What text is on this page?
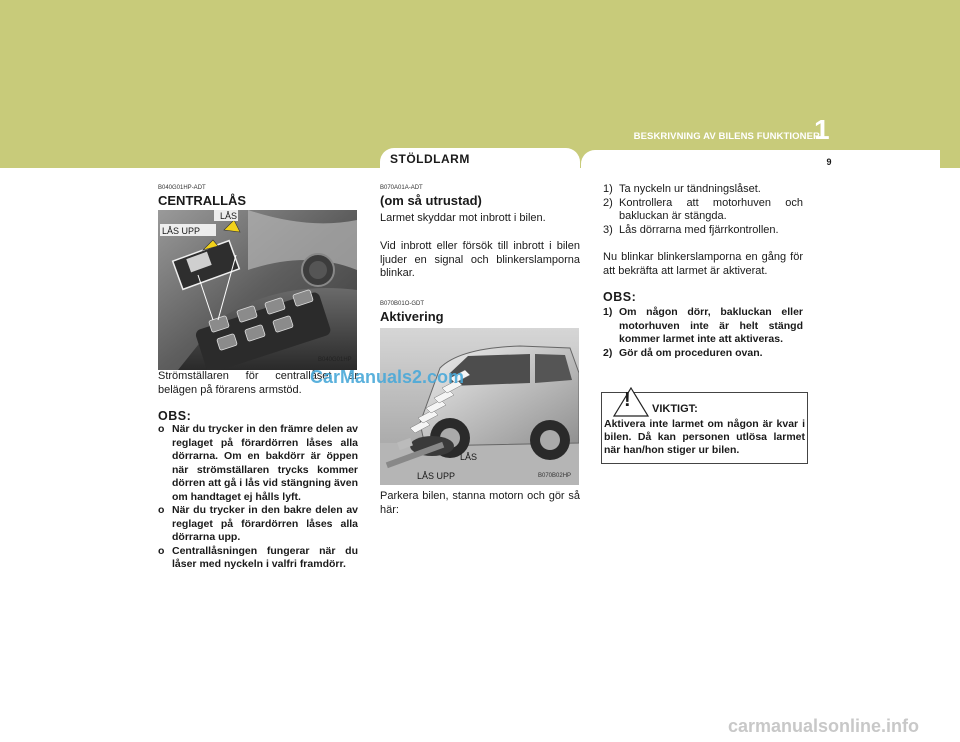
BESKRIVNING AV BILENS FUNKTIONER
1
9
STÖLDLARM
B040G01HP-ADT
CENTRALLÅS
LÅS
LÅS UPP
B040G01HP
Strömställaren för centrallåset är belägen på förarens armstöd.
OBS:
o När du trycker in den främre delen av reglaget på förardörren låses alla dörrarna. Om en bakdörr är öppen när strömställaren trycks kommer dörren att gå i lås vid stängning även om handtaget ej hålls lyft.
o När du trycker in den bakre delen av reglaget på förardörren låses alla dörrarna upp.
o Centrallåsningen fungerar när du låser med nyckeln i valfri framdörr.
B070A01A-ADT
(om så utrustad)
Larmet skyddar mot inbrott i bilen.
Vid inbrott eller försök till inbrott i bilen ljuder en signal och blinkerslamporna blinkar.
B070B01O-GDT
Aktivering
LÅS
LÅS UPP	B070B02HP
Parkera bilen, stanna motorn och gör så här:
1) Ta nyckeln ur tändningslåset.
2) Kontrollera att motorhuven och bakluckan är stängda.
3) Lås dörrarna med fjärrkontrollen.
Nu blinkar blinkerslamporna en gång för att bekräfta att larmet är aktiverat.
OBS:
1) Om någon dörr, bakluckan eller motorhuven inte är helt stängd kommer larmet inte att aktiveras.
2) Gör då om proceduren ovan.
! VIKTIGT:
Aktivera inte larmet om någon är kvar i bilen. Då kan personen utlösa larmet när han/hon stiger ur bilen.
CarManuals2.com
carmanualsonline.info
